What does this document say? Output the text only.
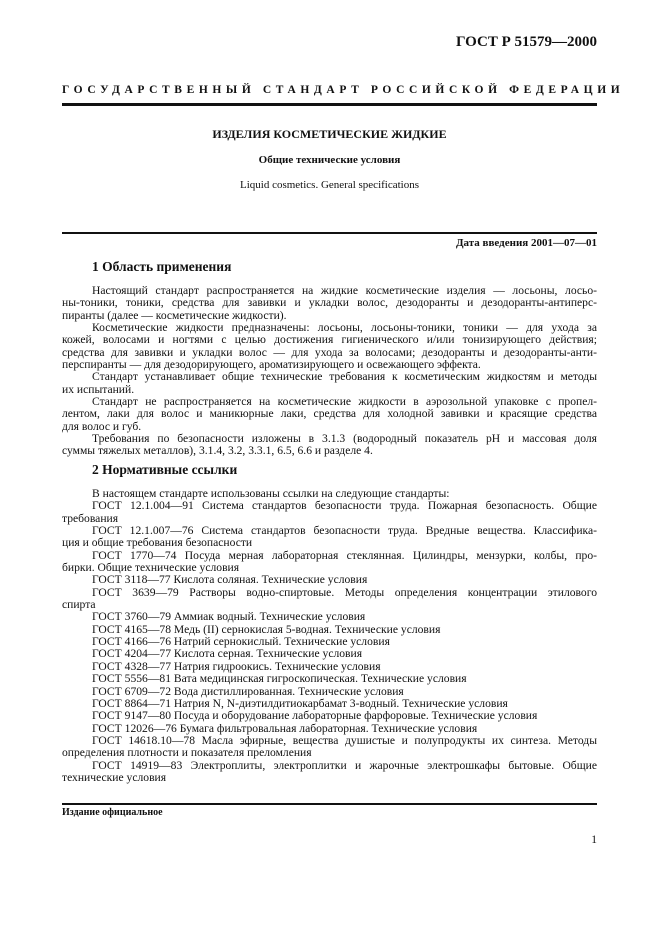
ГОСТ Р 51579—2000
ГОСУДАРСТВЕННЫЙ СТАНДАРТ РОССИЙСКОЙ ФЕДЕРАЦИИ
ИЗДЕЛИЯ КОСМЕТИЧЕСКИЕ ЖИДКИЕ
Общие технические условия
Liquid cosmetics. General specifications
Дата введения 2001—07—01
1 Область применения
Настоящий стандарт распространяется на жидкие косметические изделия — лосьоны, лосьо-
ны-тоники, тоники, средства для завивки и укладки волос, дезодоранты и дезодоранты-антиперс-
пиранты (далее — косметические жидкости).
Косметические жидкости предназначены: лосьоны, лосьоны-тоники, тоники — для ухода за
кожей, волосами и ногтями с целью достижения гигиенического и/или тонизирующего действия;
средства для завивки и укладки волос — для ухода за волосами; дезодоранты и дезодоранты-анти-
перспиранты — для дезодорирующего, ароматизирующего и освежающего эффекта.
Стандарт устанавливает общие технические требования к косметическим жидкостям и методы
их испытаний.
Стандарт не распространяется на косметические жидкости в аэрозольной упаковке с пропел-
лентом, лаки для волос и маникюрные лаки, средства для холодной завивки и красящие средства
для волос и губ.
Требования по безопасности изложены в 3.1.3 (водородный показатель pH и массовая доля
суммы тяжелых металлов), 3.1.4, 3.2, 3.3.1, 6.5, 6.6 и разделе 4.
2 Нормативные ссылки
В настоящем стандарте использованы ссылки на следующие стандарты:
ГОСТ 12.1.004—91 Система стандартов безопасности труда. Пожарная безопасность. Общие
требования
ГОСТ 12.1.007—76 Система стандартов безопасности труда. Вредные вещества. Классифика-
ция и общие требования безопасности
ГОСТ 1770—74 Посуда мерная лабораторная стеклянная. Цилиндры, мензурки, колбы, про-
бирки. Общие технические условия
ГОСТ 3118—77 Кислота соляная. Технические условия
ГОСТ 3639—79 Растворы водно-спиртовые. Методы определения концентрации этилового
спирта
ГОСТ 3760—79 Аммиак водный. Технические условия
ГОСТ 4165—78 Медь (II) сернокислая 5-водная. Технические условия
ГОСТ 4166—76 Натрий сернокислый. Технические условия
ГОСТ 4204—77 Кислота серная. Технические условия
ГОСТ 4328—77 Натрия гидроокись. Технические условия
ГОСТ 5556—81 Вата медицинская гигроскопическая. Технические условия
ГОСТ 6709—72 Вода дистиллированная. Технические условия
ГОСТ 8864—71 Натрия N, N-диэтилдитиокарбамат 3-водный. Технические условия
ГОСТ 9147—80 Посуда и оборудование лабораторные фарфоровые. Технические условия
ГОСТ 12026—76 Бумага фильтровальная лабораторная. Технические условия
ГОСТ 14618.10—78 Масла эфирные, вещества душистые и полупродукты их синтеза. Методы
определения плотности и показателя преломления
ГОСТ 14919—83 Электроплиты, электроплитки и жарочные электрошкафы бытовые. Общие
технические условия
Издание официальное
1
